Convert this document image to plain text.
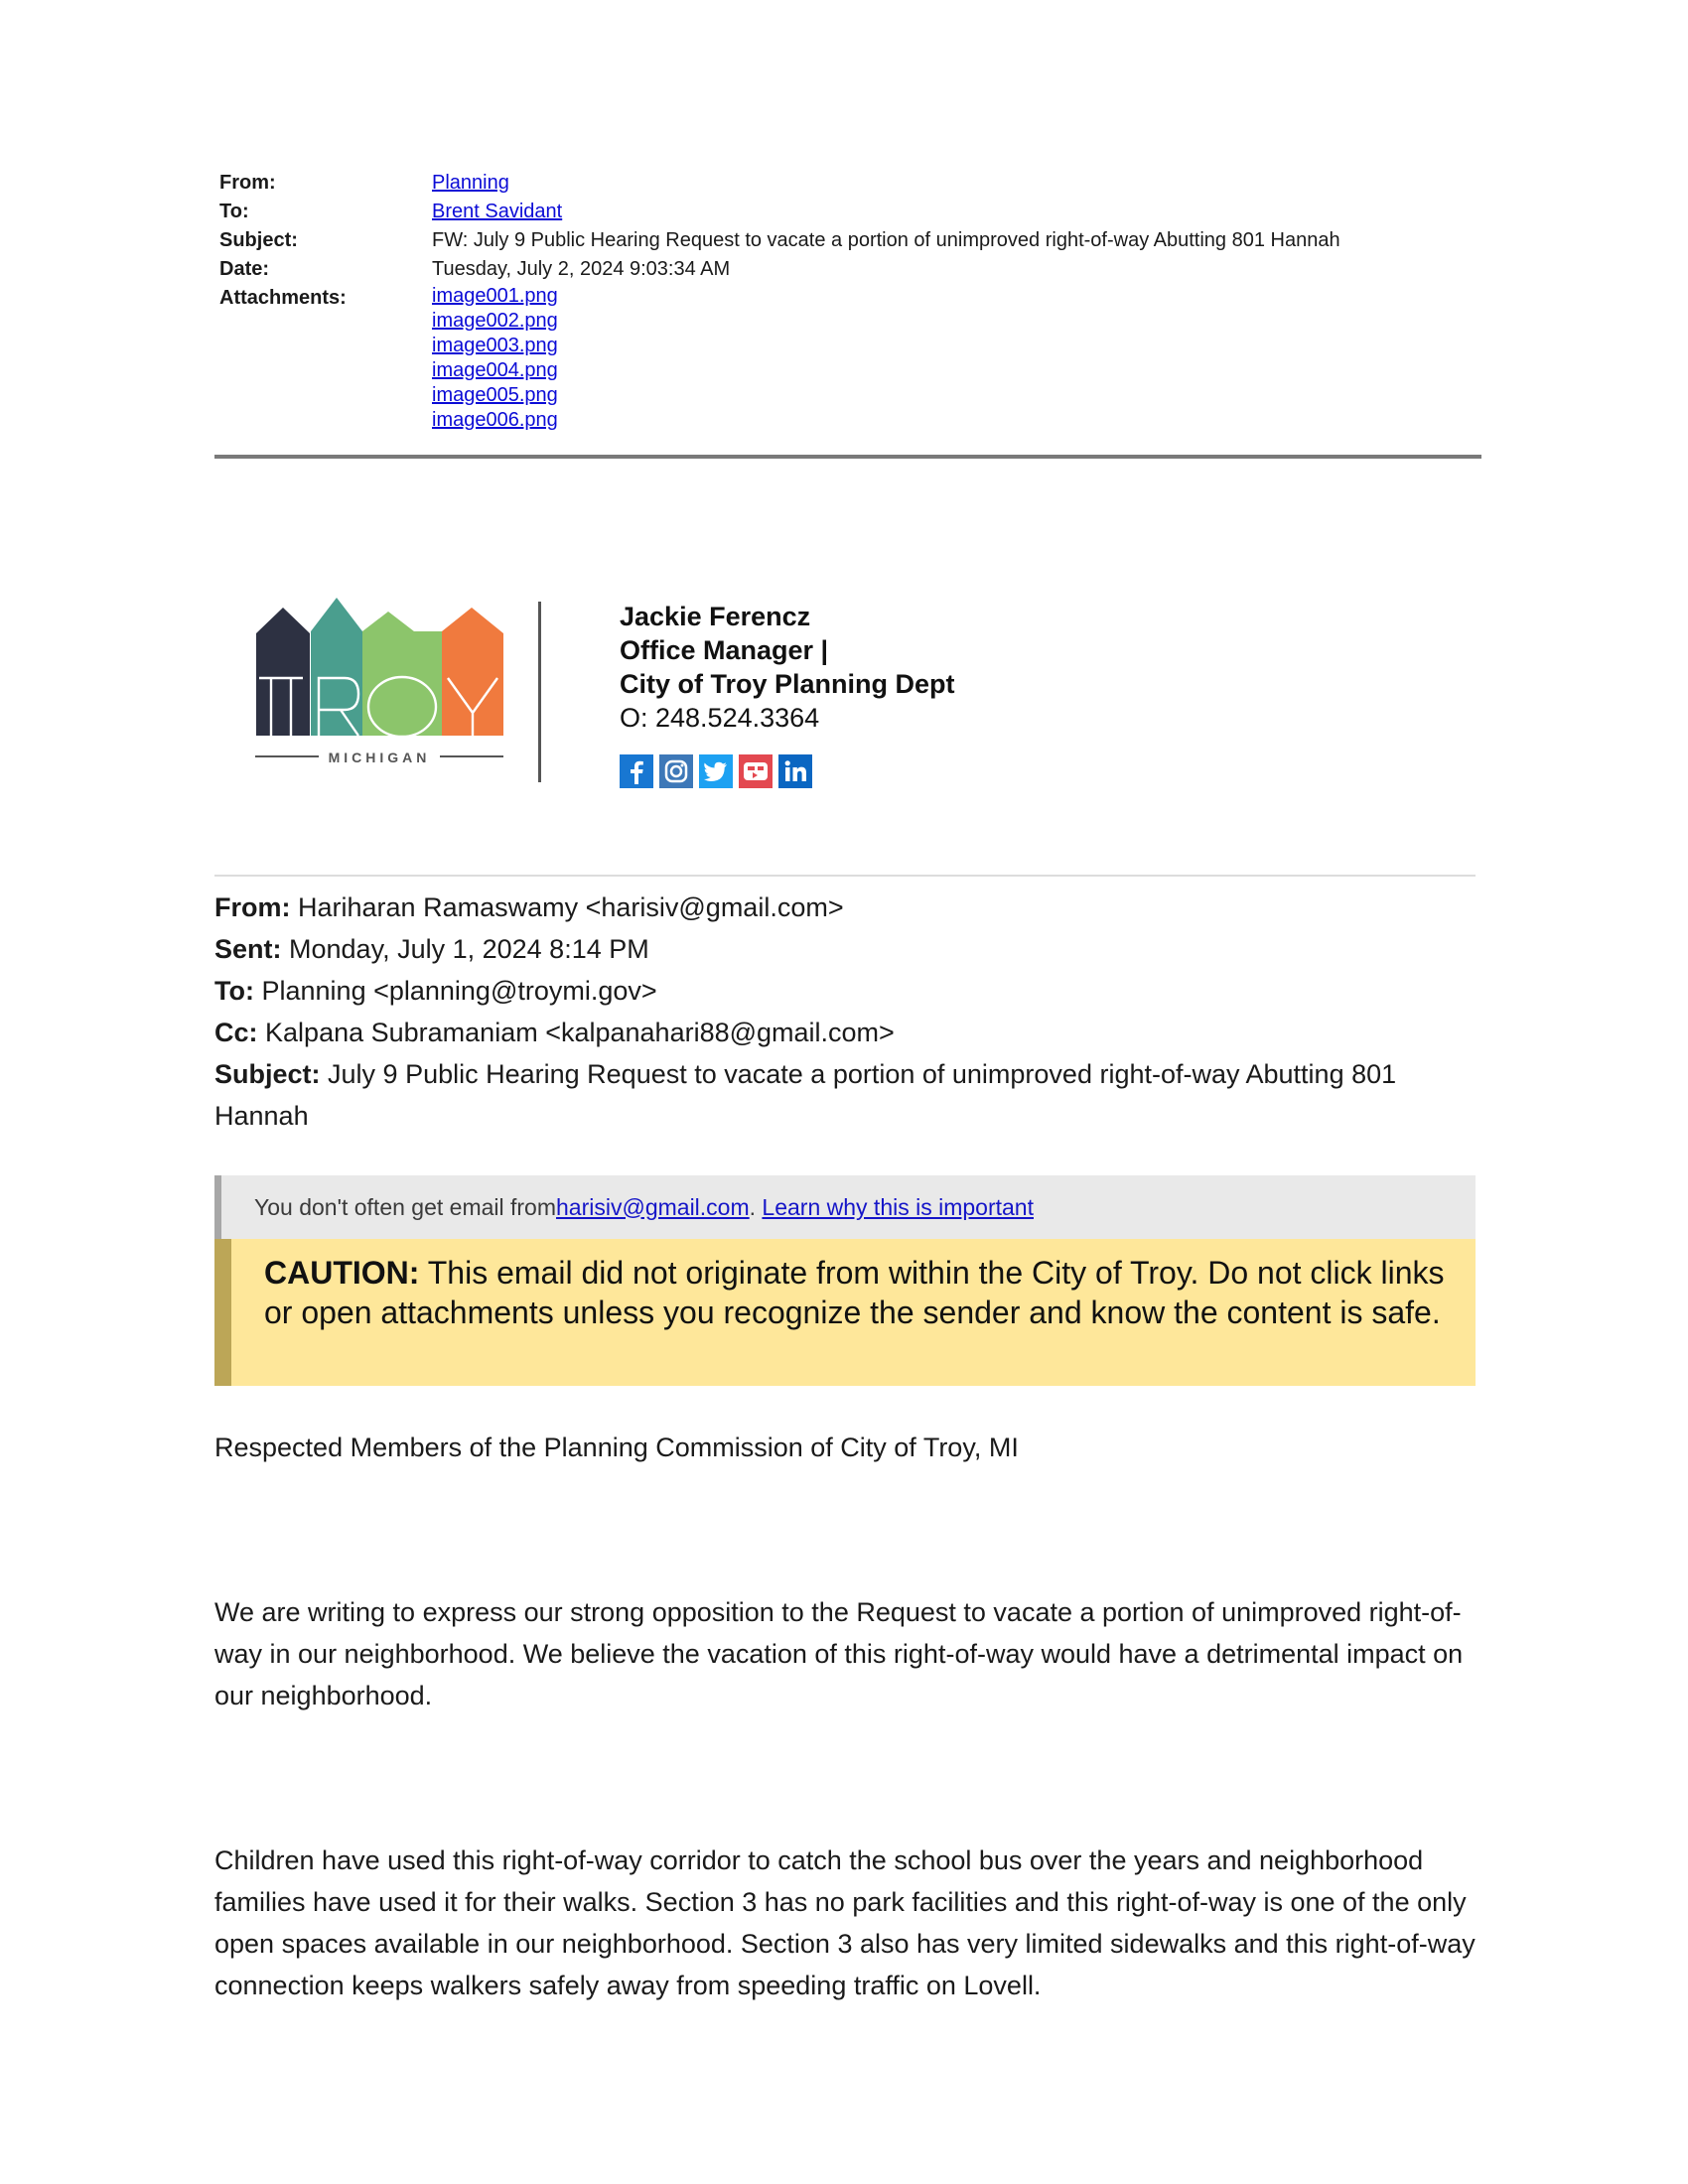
From:	Planning
To:	Brent Savidant
Subject:	FW: July 9 Public Hearing Request to vacate a portion of unimproved right-of-way Abutting 801 Hannah
Date:	Tuesday, July 2, 2024 9:03:34 AM
Attachments:	image001.png
image002.png
image003.png
image004.png
image005.png
image006.png
MICHIGAN
Jackie Ferencz
Office Manager |
City of Troy Planning Dept
O: 248.524.3364
From: Hariharan Ramaswamy <harisiv@gmail.com>
Sent: Monday, July 1, 2024 8:14 PM
To: Planning <planning@troymi.gov>
Cc: Kalpana Subramaniam <kalpanahari88@gmail.com>
Subject: July 9 Public Hearing Request to vacate a portion of unimproved right-of-way Abutting 801 Hannah
You don't often get email from harisiv@gmail.com . Learn why this is important
CAUTION: This email did not originate from within the City of Troy. Do not click links or open attachments unless you recognize the sender and know the content is safe.
Respected Members of the Planning Commission of City of Troy, MI
We are writing to express our strong opposition to the Request to vacate a portion of unimproved right-of-way in our neighborhood. We believe the vacation of this right-of-way would have a detrimental impact on our neighborhood.
Children have used this right-of-way corridor to catch the school bus over the years and neighborhood families have used it for their walks. Section 3 has no park facilities and this right-of-way is one of the only open spaces available in our neighborhood. Section 3 also has very limited sidewalks and this right-of-way connection keeps walkers safely away from speeding traffic on Lovell.
